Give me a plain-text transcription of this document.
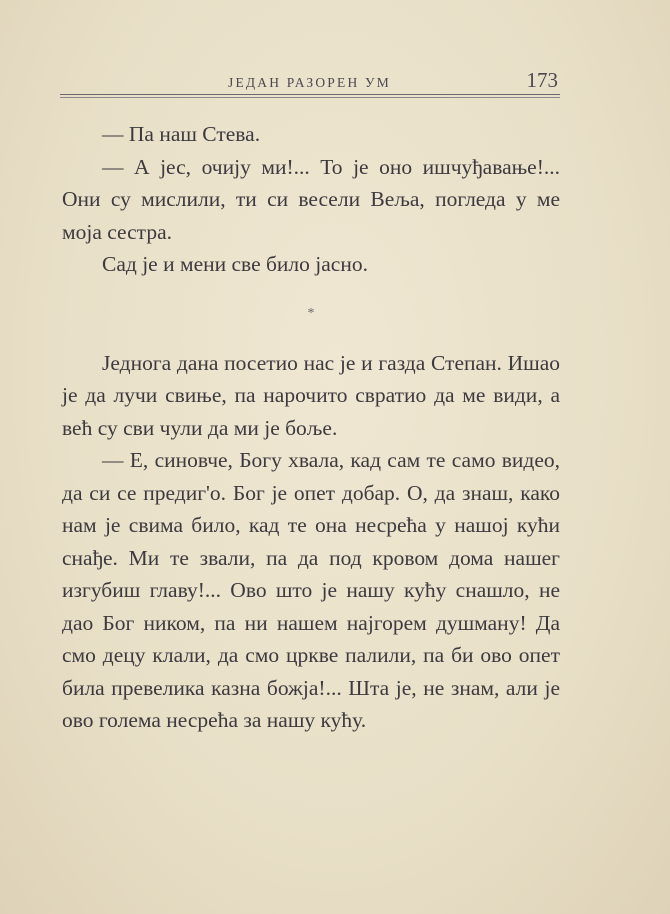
ЈЕДАН РАЗОРЕН УМ	173

— Па наш Стева.

— А јес, очију ми!... То је оно ишчуђавање!... Они су мислили, ти си весели Веља, погледа у ме моја сестра.

Сад је и мени све било јасно.

*

Једнога дана посетио нас је и газда Степан. Ишао је да лучи свиње, па нарочито свратио да ме види, а већ су сви чули да ми је боље.

— Е, синовче, Богу хвала, кад сам те само видео, да си се предиг'о. Бог је опет добар. О, да знаш, како нам је свима било, кад те она несрећа у нашој кући снађе. Ми те звали, па да под кровом дома нашег изгубиш главу!... Ово што је нашу кућу снашло, не дао Бог ником, па ни нашем најгорем душману! Да смо децу клали, да смо цркве палили, па би ово опет била превелика казна божја!... Шта је, не знам, али је ово голема несрећа за нашу кућу.
